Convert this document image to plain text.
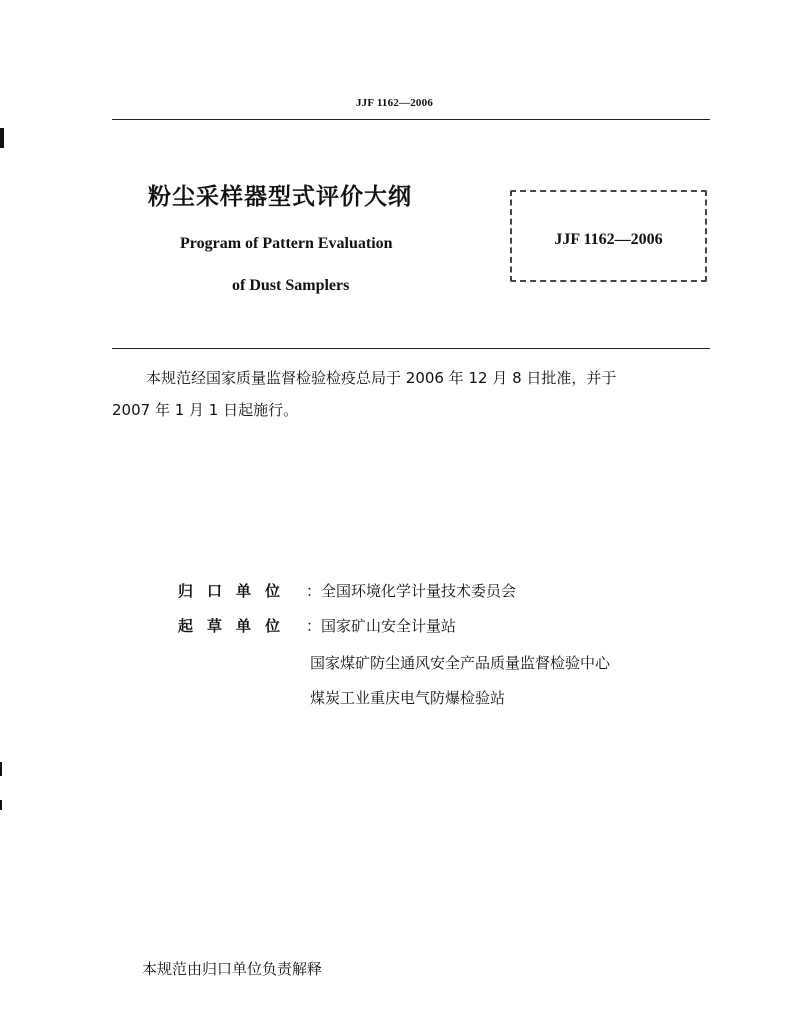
JJF 1162—2006
粉尘采样器型式评价大纲
Program of Pattern Evaluation
of Dust Samplers
JJF 1162—2006
本规范经国家质量监督检验检疫总局于 2006 年 12 月 8 日批准，并于
2007 年 1 月 1 日起施行。
归口单位 ：全国环境化学计量技术委员会
起草单位 ：国家矿山安全计量站
国家煤矿防尘通风安全产品质量监督检验中心
煤炭工业重庆电气防爆检验站
本规范由归口单位负责解释
